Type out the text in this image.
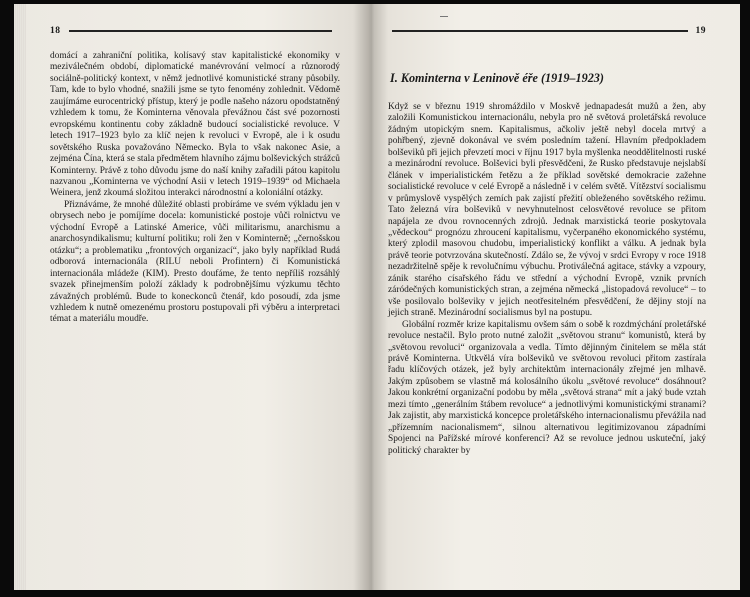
18

domácí a zahraniční politika, kolísavý stav kapitalistické ekonomiky v meziválečném období, diplomatické manévrování velmocí a různorodý sociálně-politický kontext, v němž jednotlivé komunistické strany působily. Tam, kde to bylo vhodné, snažili jsme se tyto fenomény zohlednit. Vědomě zaujímáme eurocentrický přístup, který je podle našeho názoru opodstatněný vzhledem k tomu, že Kominterna věnovala převážnou část své pozornosti evropskému kontinentu coby základně budoucí socialistické revoluce. V letech 1917–1923 bylo za klíč nejen k revoluci v Evropě, ale i k osudu sovětského Ruska považováno Německo. Byla to však nakonec Asie, a zejména Čína, která se stala předmětem hlavního zájmu bolševických strážců Kominterny. Právě z toho důvodu jsme do naší knihy zařadili pátou kapitolu nazvanou „Kominterna ve východní Asii v letech 1919–1939“ od Michaela Weinera, jenž zkoumá složitou interakci národnostní a koloniální otázky.

Přiznáváme, že mnohé důležité oblasti probíráme ve svém výkladu jen v obrysech nebo je pomíjíme docela: komunistické postoje vůči rolnictvu ve východní Evropě a Latinské Americe, vůči militarismu, anarchismu a anarchosyndikalismu; kulturní politiku; roli žen v Kominterně; „černošskou otázku“; a problematiku „frontových organizací“, jako byly například Rudá odborová internacionála (RILU neboli Profintern) či Komunistická internacionála mládeže (KIM). Presto doufáme, že tento nepříliš rozsáhlý svazek přinejmenším položí základy k podrobnějšímu výzkumu těchto závažných problémů. Bude to koneckonců čtenář, kdo posoudí, zda jsme vzhledem k nutně omezenému prostoru postupovali při výběru a interpretaci témat a materiálu moudře.

19
I. Kominterna v Leninově éře (1919–1923)

Když se v březnu 1919 shromáždilo v Moskvě jednapadesát mužů a žen, aby založili Komunistickou internacionálu, nebyla pro ně světová proletářská revoluce žádným utopickým snem. Kapitalismus, ačkoliv ještě nebyl docela mrtvý a pohřbený, zjevně dokonával ve svém posledním tažení. Hlavním předpokladem bolševiků při jejich převzetí moci v říjnu 1917 byla myšlenka neoddělitelnosti ruské a mezinárodní revoluce. Bolševici byli přesvědčeni, že Rusko představuje nejslabší článek v imperialistickém řetězu a že příklad sovětské demokracie zažehne socialistické revoluce v celé Evropě a následně i v celém světě. Vítězství socialismu v průmyslově vyspělých zemích pak zajistí přežití obleženého sovětského režimu. Tato železná víra bolševiků v nevyhnutelnost celosvětové revoluce se přitom napájela ze dvou rovnocenných zdrojů. Jednak marxistická teorie poskytovala „vědeckou“ prognózu zhroucení kapitalismu, vyčerpaného ekonomického systému, který zplodil masovou chudobu, imperialistický konflikt a válku. A jednak byla právě teorie potvrzována skutečností. Zdálo se, že vývoj v srdci Evropy v roce 1918 nezadržitelně spěje k revolučnímu výbuchu. Protiválečná agitace, stávky a vzpoury, zánik starého císařského řádu ve střední a východní Evropě, vznik prvních záródečných komunistických stran, a zejména německá „listopadová revoluce“ – to vše posilovalo bolševiky v jejich neotřesitelném přesvědčení, že dějiny stojí na jejich straně. Mezinárodní socialismus byl na postupu.

Globální rozměr krize kapitalismu ovšem sám o sobě k rozdmýchání proletářské revoluce nestačil. Bylo proto nutné založit „světovou stranu“ komunistů, která by „světovou revoluci“ organizovala a vedla. Tímto dějinným činitelem se měla stát právě Kominterna. Utkvělá víra bolševiků ve světovou revoluci přitom zastírala řadu klíčových otázek, jež byly architektům internacionály zřejmé jen mlhavě. Jakým způsobem se vlastně má kolosálního úkolu „světové revoluce“ dosáhnout? Jakou konkrétní organizační podobu by měla „světová strana“ mít a jaký bude vztah mezi tímto „generálním štábem revoluce“ a jednotlivými komunistickými stranami? Jak zajistit, aby marxistická koncepce proletářského internacionalismu převážila nad „přízemním nacionalismem“, silnou alternativou legitimizovanou západními Spojenci na Pařížské mírové konferenci? Až se revoluce jednou uskuteční, jaký politický charakter by
